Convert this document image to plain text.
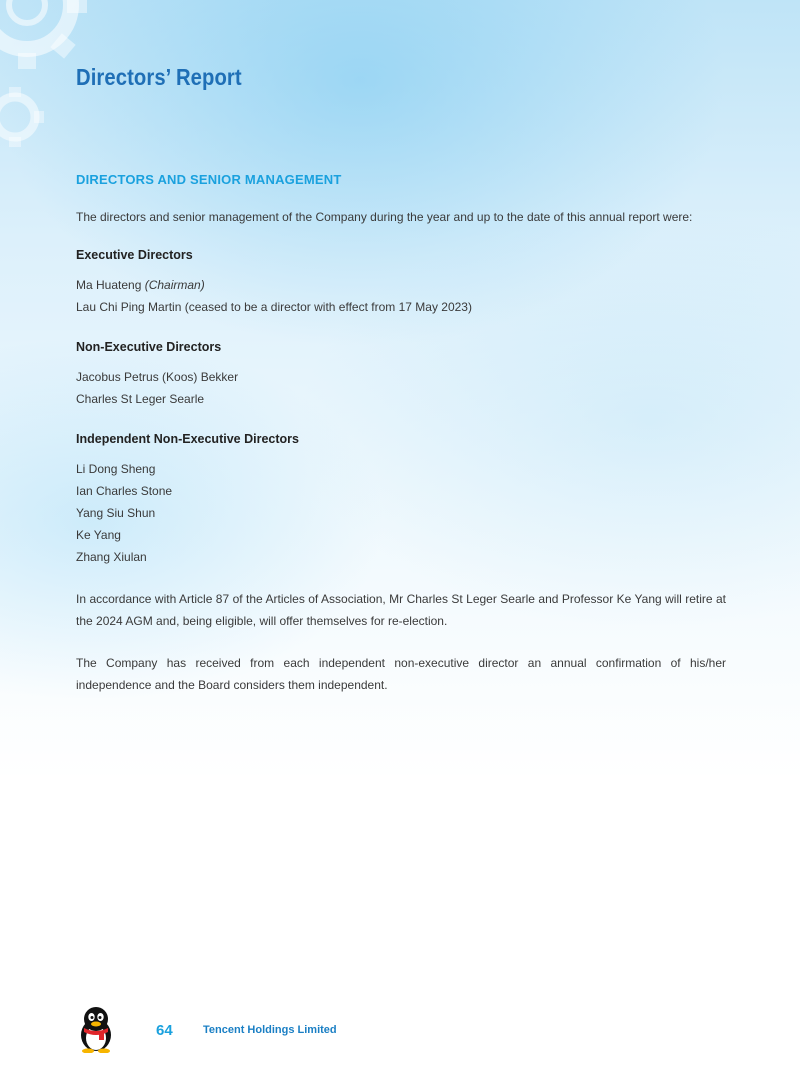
Directors’ Report
DIRECTORS AND SENIOR MANAGEMENT

The directors and senior management of the Company during the year and up to the date of this annual report were:

Executive Directors
Ma Huateng (Chairman)
Lau Chi Ping Martin (ceased to be a director with effect from 17 May 2023)
Non-Executive Directors
Jacobus Petrus (Koos) Bekker
Charles St Leger Searle
Independent Non-Executive Directors
Li Dong Sheng
Ian Charles Stone
Yang Siu Shun
Ke Yang
Zhang Xiulan

In accordance with Article 87 of the Articles of Association, Mr Charles St Leger Searle and Professor Ke Yang will retire at the 2024 AGM and, being eligible, will offer themselves for re-election.

The Company has received from each independent non-executive director an annual confirmation of his/her independence and the Board considers them independent.

64	Tencent Holdings Limited
